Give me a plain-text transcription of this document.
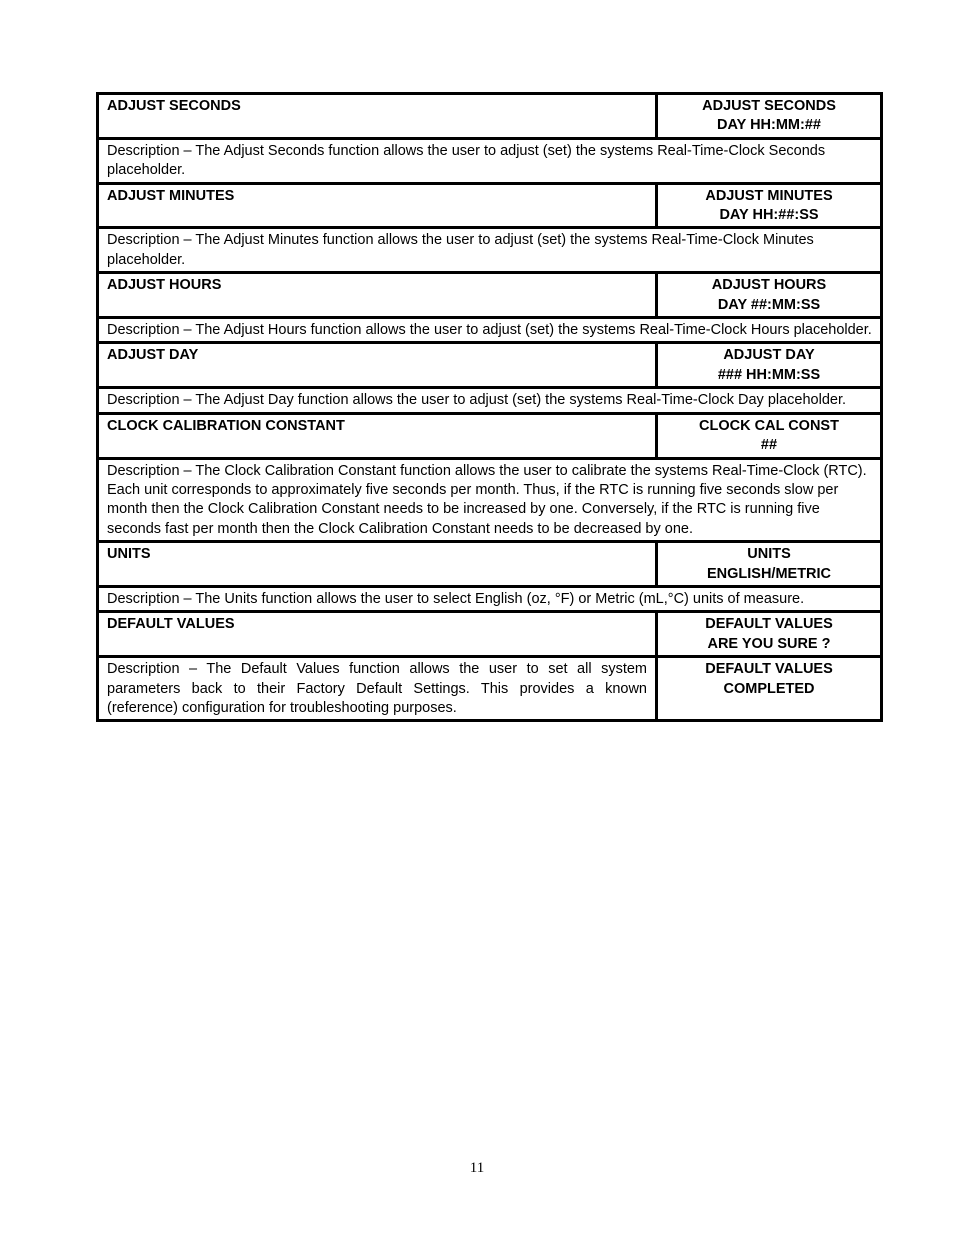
ADJUST SECONDS	ADJUST SECONDS
DAY HH:MM:##

Description – The Adjust Seconds function allows the user to adjust (set) the systems Real-Time-Clock Seconds placeholder.	
ADJUST MINUTES	ADJUST MINUTES
DAY HH:##:SS

Description – The Adjust Minutes function allows the user to adjust (set) the systems Real-Time-Clock Minutes placeholder.	
ADJUST HOURS	ADJUST HOURS
DAY ##:MM:SS

Description – The Adjust Hours function allows the user to adjust (set) the systems Real-Time-Clock Hours placeholder.	
ADJUST DAY	ADJUST DAY
### HH:MM:SS

Description – The Adjust Day function allows the user to adjust (set) the systems Real-Time-Clock Day placeholder.	
CLOCK CALIBRATION CONSTANT	CLOCK CAL CONST
##

Description – The Clock Calibration Constant function allows the user to calibrate the systems Real-Time-Clock (RTC). Each unit corresponds to approximately five seconds per month. Thus, if the RTC is running five seconds slow per month then the Clock Calibration Constant needs to be increased by one. Conversely, if the RTC is running five seconds fast per month then the Clock Calibration Constant needs to be decreased by one.	
UNITS	UNITS
ENGLISH/METRIC

Description – The Units function allows the user to select English (oz, °F) or Metric (mL,°C) units of measure.	
DEFAULT VALUES	DEFAULT VALUES
ARE YOU SURE ?

Description – The Default Values function allows the user to set all system parameters back to their Factory Default Settings. This provides a known (reference) configuration for troubleshooting purposes.	DEFAULT VALUES
COMPLETED
11
